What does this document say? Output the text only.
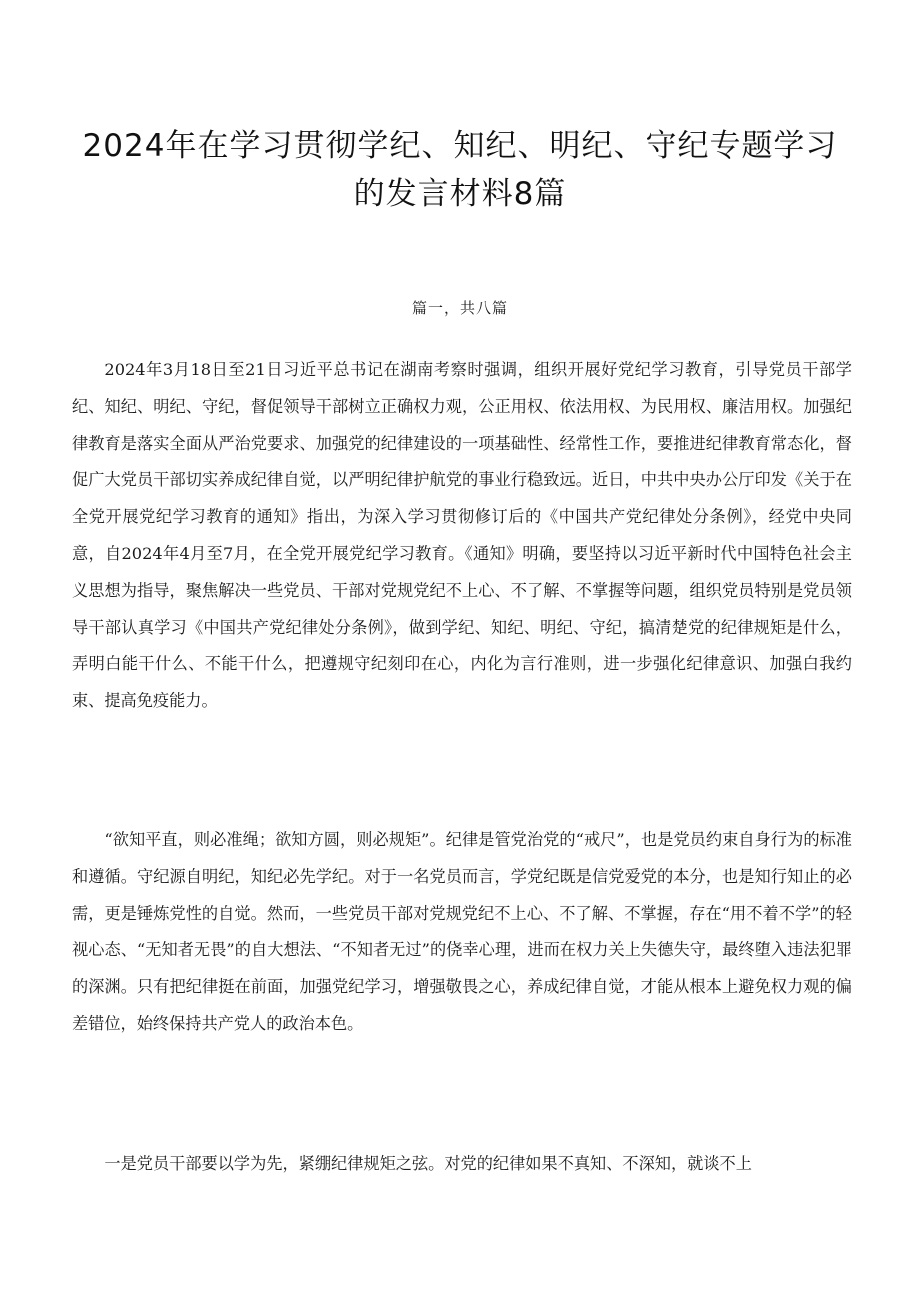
2024年在学习贯彻学纪、知纪、明纪、守纪专题学习的发言材料8篇

篇一，共八篇

2024年3月18日至21日习近平总书记在湖南考察时强调，组织开展好党纪学习教育，引导党员干部学纪、知纪、明纪、守纪，督促领导干部树立正确权力观，公正用权、依法用权、为民用权、廉洁用权。加强纪律教育是落实全面从严治党要求、加强党的纪律建设的一项基础性、经常性工作，要推进纪律教育常态化，督促广大党员干部切实养成纪律自觉，以严明纪律护航党的事业行稳致远。近日，中共中央办公厅印发《关于在全党开展党纪学习教育的通知》指出，为深入学习贯彻修订后的《中国共产党纪律处分条例》，经党中央同意，自2024年4月至7月，在全党开展党纪学习教育。《通知》明确，要坚持以习近平新时代中国特色社会主义思想为指导，聚焦解决一些党员、干部对党规党纪不上心、不了解、不掌握等问题，组织党员特别是党员领导干部认真学习《中国共产党纪律处分条例》，做到学纪、知纪、明纪、守纪，搞清楚党的纪律规矩是什么，弄明白能干什么、不能干什么，把遵规守纪刻印在心，内化为言行准则，进一步强化纪律意识、加强白我约束、提高免疫能力。

“欲知平直，则必准绳；欲知方圆，则必规矩”。纪律是管党治党的“戒尺”，也是党员约束自身行为的标准和遵循。守纪源自明纪，知纪必先学纪。对于一名党员而言，学党纪既是信党爱党的本分，也是知行知止的必需，更是锤炼党性的自觉。然而，一些党员干部对党规党纪不上心、不了解、不掌握，存在“用不着不学”的轻视心态、“无知者无畏”的自大想法、“不知者无过”的侥幸心理，进而在权力关上失德失守，最终堕入违法犯罪的深渊。只有把纪律挺在前面，加强党纪学习，增强敬畏之心，养成纪律自觉，才能从根本上避免权力观的偏差错位，始终保持共产党人的政治本色。

一是党员干部要以学为先，紧绷纪律规矩之弦。对党的纪律如果不真知、不深知，就谈不上
